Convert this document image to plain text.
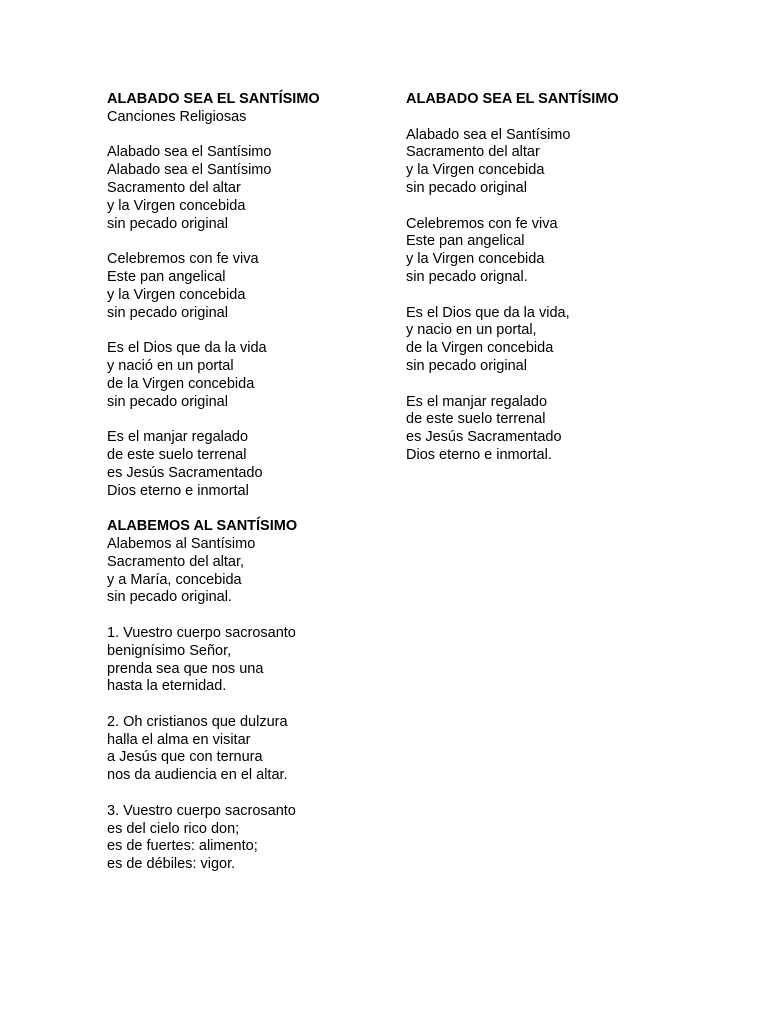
ALABADO SEA EL SANTÍSIMO

Canciones Religiosas

Alabado sea el Santísimo
Alabado sea el Santísimo
Sacramento del altar
y la Virgen concebida
sin pecado original
Celebremos con fe viva
Este pan angelical
y la Virgen concebida
sin pecado original
Es el Dios que da la vida
y nació en un portal
de la Virgen concebida
sin pecado original
Es el manjar regalado
de este suelo terrenal
es Jesús Sacramentado
Dios eterno e inmortal

ALABEMOS AL SANTÍSIMO

Alabemos al Santísimo
Sacramento del altar,
y a María, concebida
sin pecado original.
1. Vuestro cuerpo sacrosanto
benignísimo Señor,
prenda sea que nos una
hasta la eternidad.
2. Oh cristianos que dulzura
halla el alma en visitar
a Jesús que con ternura
nos da audiencia en el altar.
3. Vuestro cuerpo sacrosanto
es del cielo rico don;
es de fuertes: alimento;
es de débiles: vigor.

ALABADO SEA EL SANTÍSIMO

Alabado sea el Santísimo
Sacramento del altar
y la Virgen concebida
sin pecado original
Celebremos con fe viva
Este pan angelical
y la Virgen concebida
sin pecado orignal.
Es el Dios que da la vida,
y nacio en un portal,
de la Virgen concebida
sin pecado original
Es el manjar regalado
de este suelo terrenal
es Jesús Sacramentado
Dios eterno e inmortal.
